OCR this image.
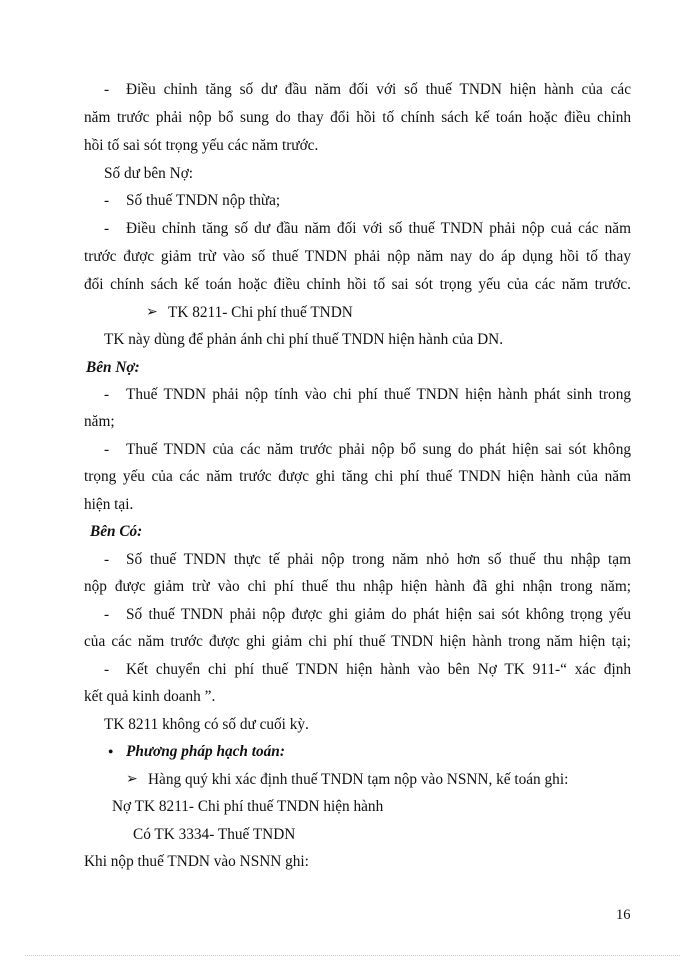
- Điều chỉnh tăng số dư đầu năm đối với số thuế TNDN hiện hành của các
năm trước phải nộp bổ sung do thay đổi hồi tố chính sách kế toán hoặc điều chỉnh
hồi tố sai sót trọng yếu các năm trước.
Số dư bên Nợ:
- Số thuế TNDN nộp thừa;
- Điều chỉnh tăng số dư đầu năm đối với số thuế TNDN phải nộp cuả các năm
trước được giảm trừ vào số thuế TNDN phải nộp năm nay do áp dụng hồi tố thay
đổi chính sách kế toán hoặc điều chỉnh hồi tố sai sót trọng yếu của các năm trước.
➢ TK 8211- Chi phí thuế TNDN
TK này dùng để phản ánh chi phí thuế TNDN hiện hành của DN.
Bên Nợ:
- Thuế TNDN phải nộp tính vào chi phí thuế TNDN hiện hành phát sinh trong
năm;
- Thuế TNDN của các năm trước phải nộp bổ sung do phát hiện sai sót không
trọng yếu của các năm trước được ghi tăng chi phí thuế TNDN hiện hành của năm
hiện tại.
Bên Có:
- Số thuế TNDN thực tế phải nộp trong năm nhỏ hơn số thuế thu nhập tạm
nộp được giảm trừ vào chi phí thuế thu nhập hiện hành đã ghi nhận trong năm;
- Số thuế TNDN phải nộp được ghi giảm do phát hiện sai sót không trọng yếu
của các năm trước được ghi giảm chi phí thuế TNDN hiện hành trong năm hiện tại;
- Kết chuyển chi phí thuế TNDN hiện hành vào bên Nợ TK 911-“ xác định
kết quả kinh doanh ”.
TK 8211 không có số dư cuối kỳ.
● Phương pháp hạch toán:
➢ Hàng quý khi xác định thuế TNDN tạm nộp vào NSNN, kế toán ghi:
Nợ TK 8211- Chi phí thuế TNDN hiện hành
Có TK 3334- Thuế TNDN
Khi nộp thuế TNDN vào NSNN ghi:
16
